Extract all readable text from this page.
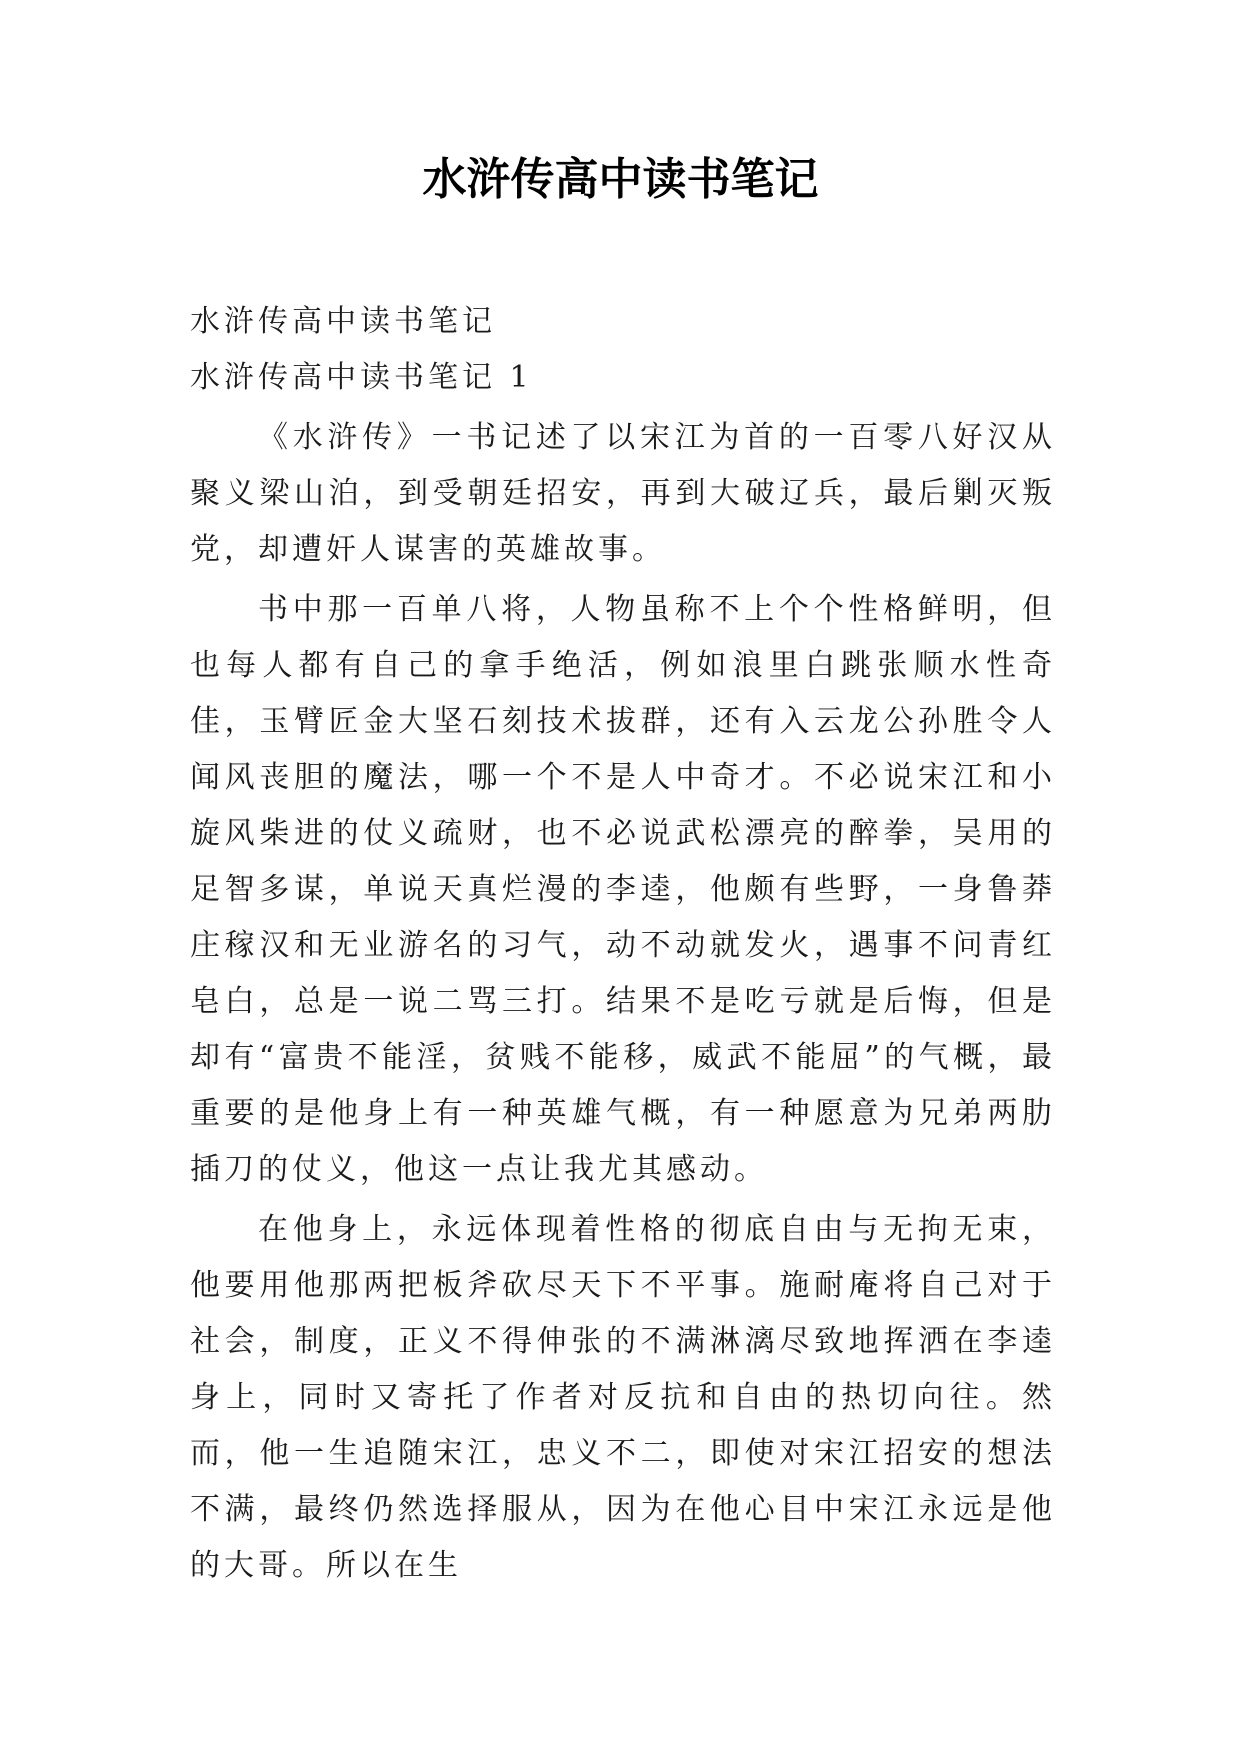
水浒传高中读书笔记

水浒传高中读书笔记

水浒传高中读书笔记 1

《水浒传》一书记述了以宋江为首的一百零八好汉从聚义梁山泊，到受朝廷招安，再到大破辽兵，最后剿灭叛党，却遭奸人谋害的英雄故事。

书中那一百单八将，人物虽称不上个个性格鲜明，但也每人都有自己的拿手绝活，例如浪里白跳张顺水性奇佳，玉臂匠金大坚石刻技术拔群，还有入云龙公孙胜令人闻风丧胆的魔法，哪一个不是人中奇才。不必说宋江和小旋风柴进的仗义疏财，也不必说武松漂亮的醉拳，吴用的足智多谋，单说天真烂漫的李逵，他颇有些野，一身鲁莽庄稼汉和无业游名的习气，动不动就发火，遇事不问青红皂白，总是一说二骂三打。结果不是吃亏就是后悔，但是却有“富贵不能淫，贫贱不能移，威武不能屈”的气概，最重要的是他身上有一种英雄气概，有一种愿意为兄弟两肋插刀的仗义，他这一点让我尤其感动。

在他身上，永远体现着性格的彻底自由与无拘无束，他要用他那两把板斧砍尽天下不平事。施耐庵将自己对于社会，制度，正义不得伸张的不满淋漓尽致地挥洒在李逵身上，同时又寄托了作者对反抗和自由的热切向往。然而，他一生追随宋江，忠义不二，即使对宋江招安的想法不满，最终仍然选择服从，因为在他心目中宋江永远是他的大哥。所以在生
